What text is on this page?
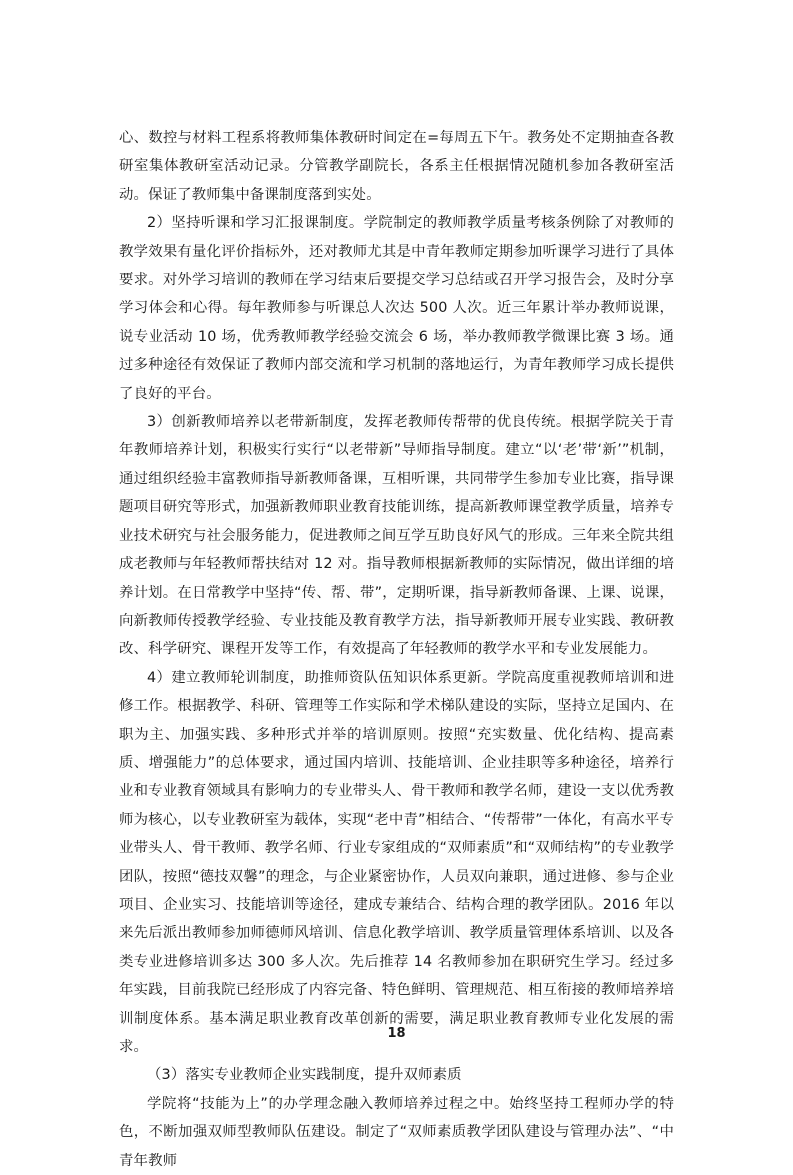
心、数控与材料工程系将教师集体教研时间定在=每周五下午。教务处不定期抽查各教研室集体教研室活动记录。分管教学副院长，各系主任根据情况随机参加各教研室活动。保证了教师集中备课制度落到实处。

2）坚持听课和学习汇报课制度。学院制定的教师教学质量考核条例除了对教师的教学效果有量化评价指标外，还对教师尤其是中青年教师定期参加听课学习进行了具体要求。对外学习培训的教师在学习结束后要提交学习总结或召开学习报告会，及时分享学习体会和心得。每年教师参与听课总人次达 500 人次。近三年累计举办教师说课，说专业活动 10 场，优秀教师教学经验交流会 6 场，举办教师教学微课比赛 3 场。通过多种途径有效保证了教师内部交流和学习机制的落地运行，为青年教师学习成长提供了良好的平台。

3）创新教师培养以老带新制度，发挥老教师传帮带的优良传统。根据学院关于青年教师培养计划，积极实行实行“以老带新”导师指导制度。建立“以‘老’带‘新’”机制，通过组织经验丰富教师指导新教师备课，互相听课，共同带学生参加专业比赛，指导课题项目研究等形式，加强新教师职业教育技能训练，提高新教师课堂教学质量，培养专业技术研究与社会服务能力，促进教师之间互学互助良好风气的形成。三年来全院共组成老教师与年轻教师帮扶结对 12 对。指导教师根据新教师的实际情况，做出详细的培养计划。在日常教学中坚持“传、帮、带”，定期听课，指导新教师备课、上课、说课，向新教师传授教学经验、专业技能及教育教学方法，指导新教师开展专业实践、教研教改、科学研究、课程开发等工作，有效提高了年轻教师的教学水平和专业发展能力。

4）建立教师轮训制度，助推师资队伍知识体系更新。学院高度重视教师培训和进修工作。根据教学、科研、管理等工作实际和学术梯队建设的实际，坚持立足国内、在职为主、加强实践、多种形式并举的培训原则。按照“充实数量、优化结构、提高素质、增强能力”的总体要求，通过国内培训、技能培训、企业挂职等多种途径，培养行业和专业教育领域具有影响力的专业带头人、骨干教师和教学名师，建设一支以优秀教师为核心，以专业教研室为载体，实现“老中青”相结合、“传帮带”一体化，有高水平专业带头人、骨干教师、教学名师、行业专家组成的“双师素质”和“双师结构”的专业教学团队，按照“德技双馨”的理念，与企业紧密协作，人员双向兼职，通过进修、参与企业项目、企业实习、技能培训等途径，建成专兼结合、结构合理的教学团队。2016 年以来先后派出教师参加师德师风培训、信息化教学培训、教学质量管理体系培训、以及各类专业进修培训多达 300 多人次。先后推荐 14 名教师参加在职研究生学习。经过多年实践，目前我院已经形成了内容完备、特色鲜明、管理规范、相互衔接的教师培养培训制度体系。基本满足职业教育改革创新的需要，满足职业教育教师专业化发展的需求。

（3）落实专业教师企业实践制度，提升双师素质

学院将“技能为上”的办学理念融入教师培养过程之中。始终坚持工程师办学的特色，不断加强双师型教师队伍建设。制定了“双师素质教学团队建设与管理办法”、“中青年教师

18
